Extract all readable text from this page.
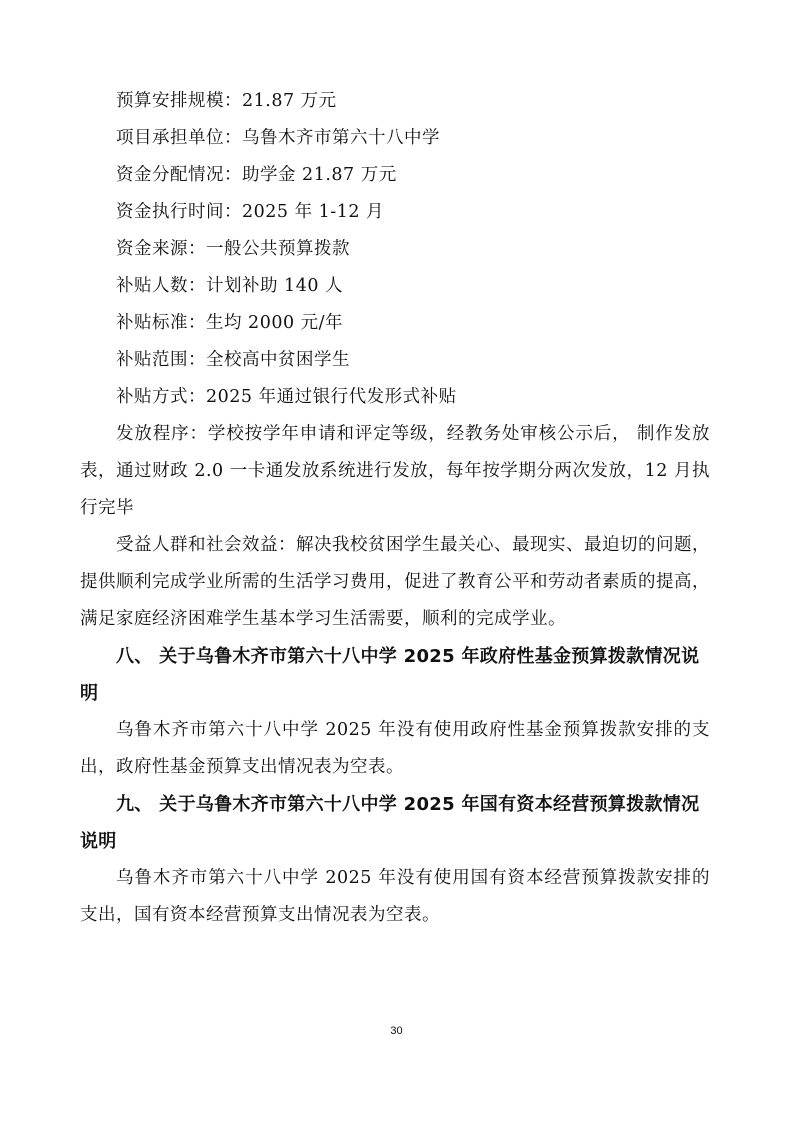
预算安排规模：21.87 万元
项目承担单位：乌鲁木齐市第六十八中学
资金分配情况：助学金 21.87 万元
资金执行时间：2025 年 1-12 月
资金来源：一般公共预算拨款
补贴人数：计划补助 140 人
补贴标准：生均 2000 元/年
补贴范围：全校高中贫困学生
补贴方式：2025 年通过银行代发形式补贴
发放程序：学校按学年申请和评定等级，经教务处审核公示后， 制作发放表，通过财政 2.0 一卡通发放系统进行发放，每年按学期分两次发放，12 月执行完毕
受益人群和社会效益：解决我校贫困学生最关心、最现实、最迫切的问题，提供顺利完成学业所需的生活学习费用，促进了教育公平和劳动者素质的提高，满足家庭经济困难学生基本学习生活需要，顺利的完成学业。
八、 关于乌鲁木齐市第六十八中学 2025 年政府性基金预算拨款情况说明
乌鲁木齐市第六十八中学 2025 年没有使用政府性基金预算拨款安排的支出，政府性基金预算支出情况表为空表。
九、 关于乌鲁木齐市第六十八中学 2025 年国有资本经营预算拨款情况说明
乌鲁木齐市第六十八中学 2025 年没有使用国有资本经营预算拨款安排的支出，国有资本经营预算支出情况表为空表。
30
